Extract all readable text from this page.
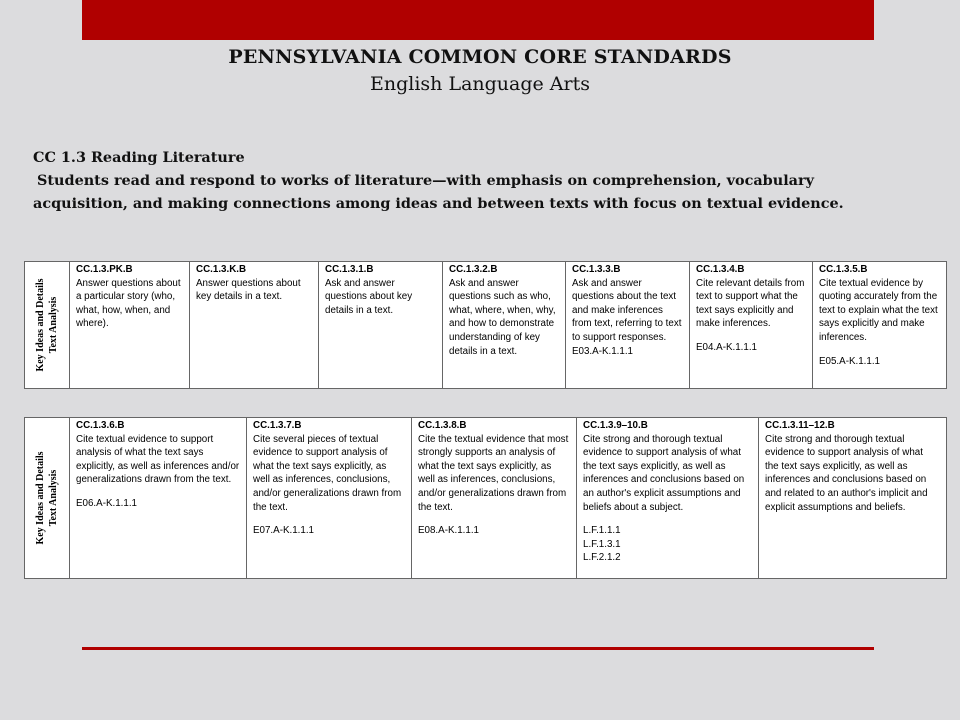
PENNSYLVANIA COMMON CORE STANDARDS
English Language Arts
CC 1.3 Reading Literature
Students read and respond to works of literature—with emphasis on comprehension, vocabulary acquisition, and making connections among ideas and between texts with focus on textual evidence.
Key Ideas and Details Text Analysis
CC.1.3.PK.B
Answer questions about a particular story (who, what, how, when, and where).
CC.1.3.K.B
Answer questions about key details in a text.
CC.1.3.1.B
Ask and answer questions about key details in a text.
CC.1.3.2.B
Ask and answer questions such as who, what, where, when, why, and how to demonstrate understanding of key details in a text.
CC.1.3.3.B
Ask and answer questions about the text and make inferences from text, referring to text to support responses.
E03.A-K.1.1.1
CC.1.3.4.B
Cite relevant details from text to support what the text says explicitly and make inferences.
E04.A-K.1.1.1
CC.1.3.5.B
Cite textual evidence by quoting accurately from the text to explain what the text says explicitly and make inferences.
E05.A-K.1.1.1
Key Ideas and Details Text Analysis
CC.1.3.6.B
Cite textual evidence to support analysis of what the text says explicitly, as well as inferences and/or generalizations drawn from the text.
E06.A-K.1.1.1
CC.1.3.7.B
Cite several pieces of textual evidence to support analysis of what the text says explicitly, as well as inferences, conclusions, and/or generalizations drawn from the text.
E07.A-K.1.1.1
CC.1.3.8.B
Cite the textual evidence that most strongly supports an analysis of what the text says explicitly, as well as inferences, conclusions, and/or generalizations drawn from the text.
E08.A-K.1.1.1
CC.1.3.9–10.B
Cite strong and thorough textual evidence to support analysis of what the text says explicitly, as well as inferences and conclusions based on an author's explicit assumptions and beliefs about a subject.
L.F.1.1.1
L.F.1.3.1
L.F.2.1.2
CC.1.3.11–12.B
Cite strong and thorough textual evidence to support analysis of what the text says explicitly, as well as inferences and conclusions based on and related to an author's implicit and explicit assumptions and beliefs.
